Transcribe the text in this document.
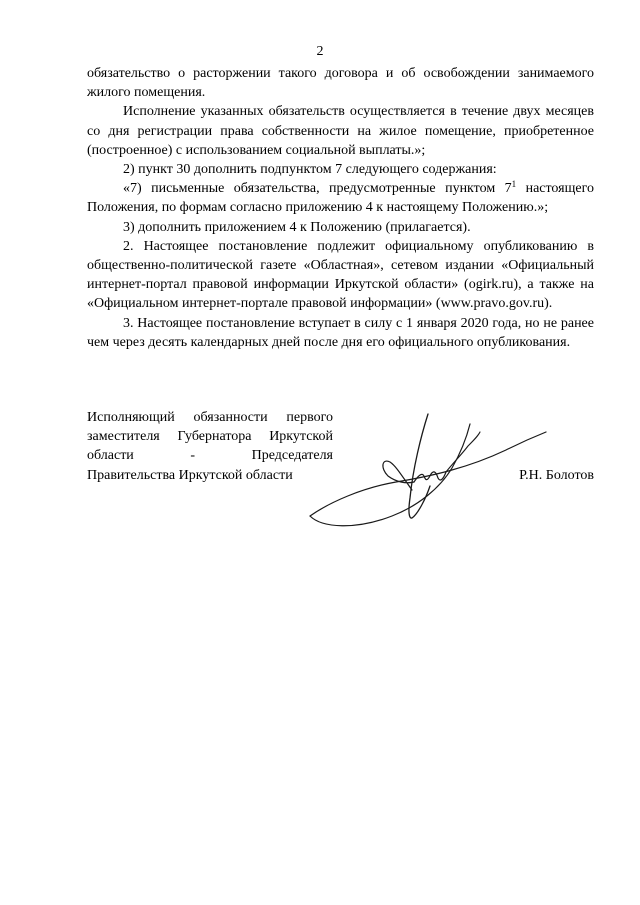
2

обязательство о расторжении такого договора и об освобождении занимаемого жилого помещения.

Исполнение указанных обязательств осуществляется в течение двух месяцев со дня регистрации права собственности на жилое помещение, приобретенное (построенное) с использованием социальной выплаты.»;

2) пункт 30 дополнить подпунктом 7 следующего содержания:

«7) письменные обязательства, предусмотренные пунктом $7^1$ настоящего Положения, по формам согласно приложению 4 к настоящему Положению.»;

3) дополнить приложением 4 к Положению (прилагается).

2. Настоящее постановление подлежит официальному опубликованию в общественно-политической газете «Областная», сетевом издании «Официальный интернет-портал правовой информации Иркутской области» (ogirk.ru), а также на «Официальном интернет-портале правовой информации» (www.pravo.gov.ru).

3. Настоящее постановление вступает в силу с 1 января 2020 года, но не ранее чем через десять календарных дней после дня его официального опубликования.

Исполняющий обязанности первого

заместителя Губернатора Иркутской

области - Председателя

Правительства Иркутской области	Р.Н. Болотов
